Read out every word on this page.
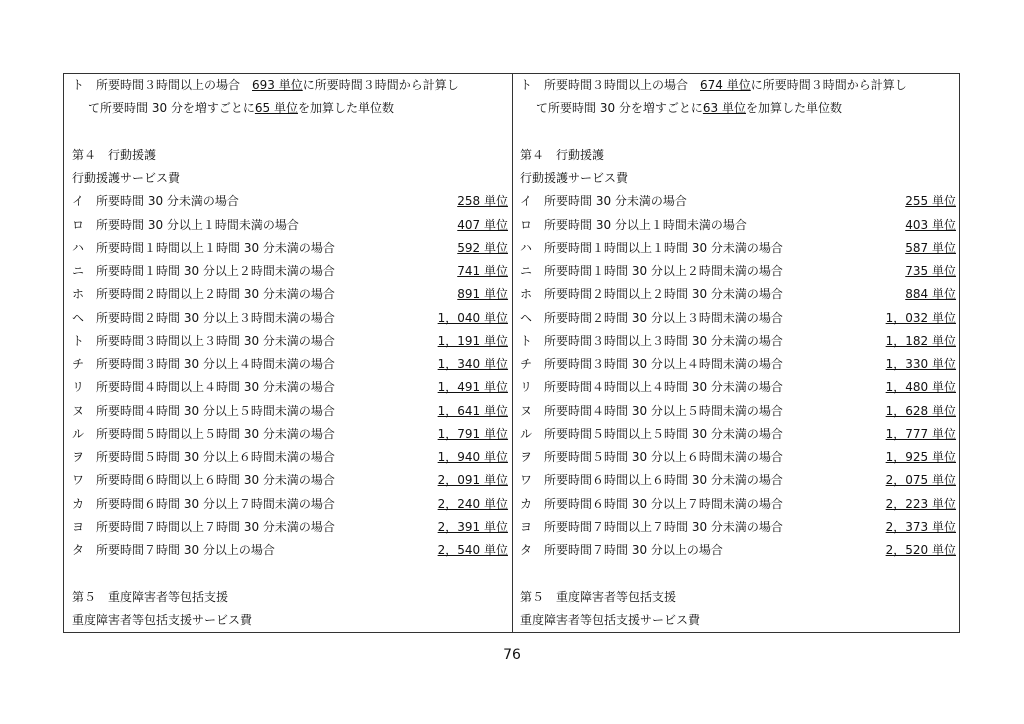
ト　所要時間３時間以上の場合　693 単位に所要時間３時間から計算し
て所要時間 30 分を増すごとに65 単位を加算した単位数
第４　行動援護
行動援護サービス費
イ 所要時間 30 分未満の場合	258 単位
ロ 所要時間 30 分以上１時間未満の場合	407 単位
ハ 所要時間１時間以上１時間 30 分未満の場合	592 単位
ニ 所要時間１時間 30 分以上２時間未満の場合	741 単位
ホ 所要時間２時間以上２時間 30 分未満の場合	891 単位
ヘ 所要時間２時間 30 分以上３時間未満の場合	1，040 単位
ト 所要時間３時間以上３時間 30 分未満の場合	1，191 単位
チ 所要時間３時間 30 分以上４時間未満の場合	1，340 単位
リ 所要時間４時間以上４時間 30 分未満の場合	1，491 単位
ヌ 所要時間４時間 30 分以上５時間未満の場合	1，641 単位
ル 所要時間５時間以上５時間 30 分未満の場合	1，791 単位
ヲ 所要時間５時間 30 分以上６時間未満の場合	1，940 単位
ワ 所要時間６時間以上６時間 30 分未満の場合	2，091 単位
カ 所要時間６時間 30 分以上７時間未満の場合	2，240 単位
ヨ 所要時間７時間以上７時間 30 分未満の場合	2，391 単位
タ 所要時間７時間 30 分以上の場合	2，540 単位
第５　重度障害者等包括支援
重度障害者等包括支援サービス費
ト　所要時間３時間以上の場合　674 単位に所要時間３時間から計算し
て所要時間 30 分を増すごとに63 単位を加算した単位数
第４　行動援護
行動援護サービス費
イ 所要時間 30 分未満の場合	255 単位
ロ 所要時間 30 分以上１時間未満の場合	403 単位
ハ 所要時間１時間以上１時間 30 分未満の場合	587 単位
ニ 所要時間１時間 30 分以上２時間未満の場合	735 単位
ホ 所要時間２時間以上２時間 30 分未満の場合	884 単位
ヘ 所要時間２時間 30 分以上３時間未満の場合	1，032 単位
ト 所要時間３時間以上３時間 30 分未満の場合	1，182 単位
チ 所要時間３時間 30 分以上４時間未満の場合	1，330 単位
リ 所要時間４時間以上４時間 30 分未満の場合	1，480 単位
ヌ 所要時間４時間 30 分以上５時間未満の場合	1，628 単位
ル 所要時間５時間以上５時間 30 分未満の場合	1，777 単位
ヲ 所要時間５時間 30 分以上６時間未満の場合	1，925 単位
ワ 所要時間６時間以上６時間 30 分未満の場合	2，075 単位
カ 所要時間６時間 30 分以上７時間未満の場合	2，223 単位
ヨ 所要時間７時間以上７時間 30 分未満の場合	2，373 単位
タ 所要時間７時間 30 分以上の場合	2，520 単位
第５　重度障害者等包括支援
重度障害者等包括支援サービス費
76
